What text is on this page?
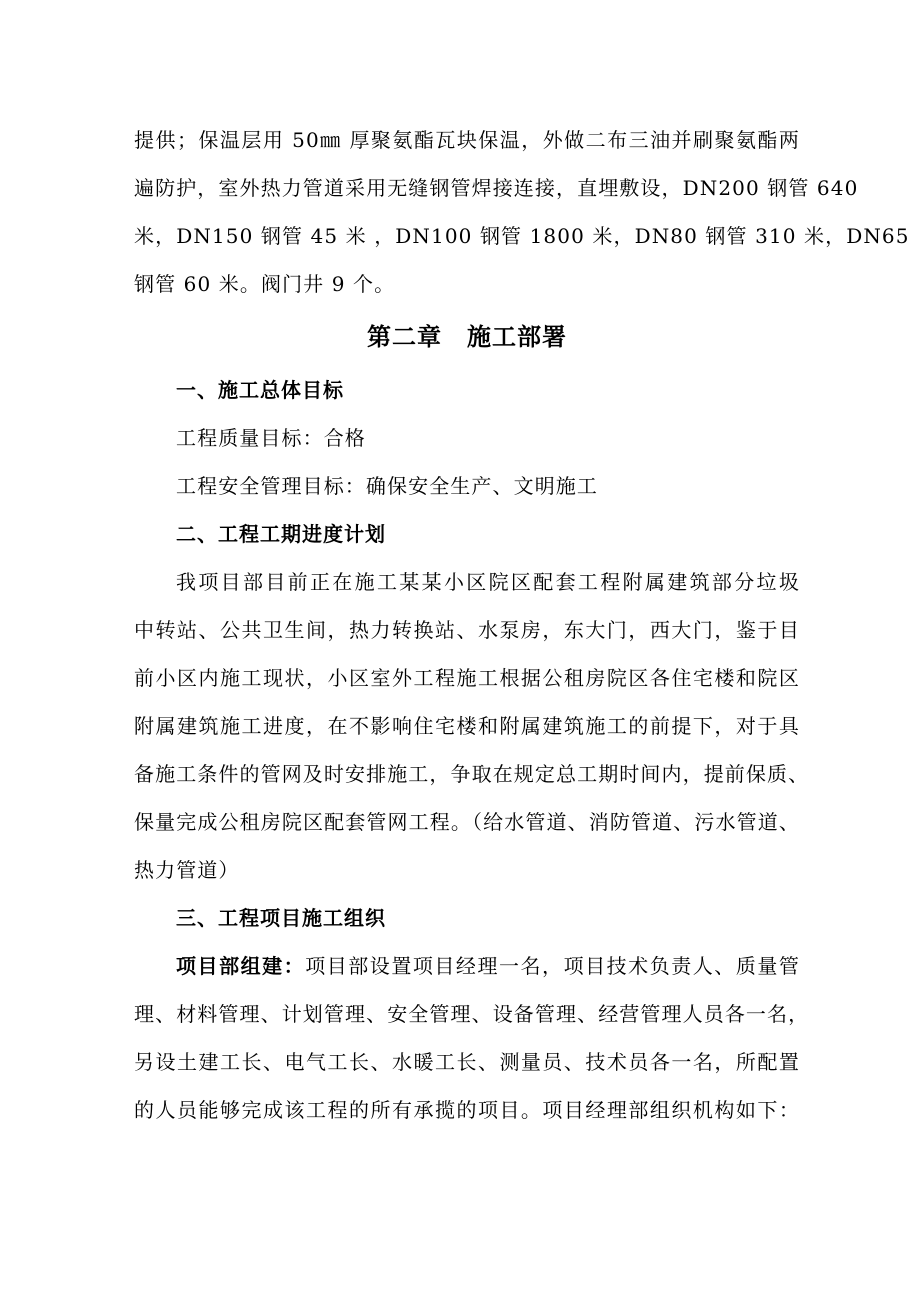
提供；保温层用 50㎜ 厚聚氨酯瓦块保温，外做二布三油并刷聚氨酯两
遍防护，室外热力管道采用无缝钢管焊接连接，直埋敷设，DN200 钢管 640
米，DN150 钢管 45 米 ，DN100 钢管 1800 米，DN80 钢管 310 米，DN65
钢管 60 米。阀门井 9 个。
第二章　施工部署
一、施工总体目标
工程质量目标：合格
工程安全管理目标：确保安全生产、文明施工
二、工程工期进度计划
我项目部目前正在施工某某小区院区配套工程附属建筑部分垃圾
中转站、公共卫生间，热力转换站、水泵房，东大门，西大门，鉴于目
前小区内施工现状，小区室外工程施工根据公租房院区各住宅楼和院区
附属建筑施工进度，在不影响住宅楼和附属建筑施工的前提下，对于具
备施工条件的管网及时安排施工，争取在规定总工期时间内，提前保质、
保量完成公租房院区配套管网工程。（给水管道、消防管道、污水管道、
热力管道）
三、工程项目施工组织
项目部组建：项目部设置项目经理一名，项目技术负责人、质量管
理、材料管理、计划管理、安全管理、设备管理、经营管理人员各一名，
另设土建工长、电气工长、水暖工长、测量员、技术员各一名，所配置
的人员能够完成该工程的所有承揽的项目。项目经理部组织机构如下：
